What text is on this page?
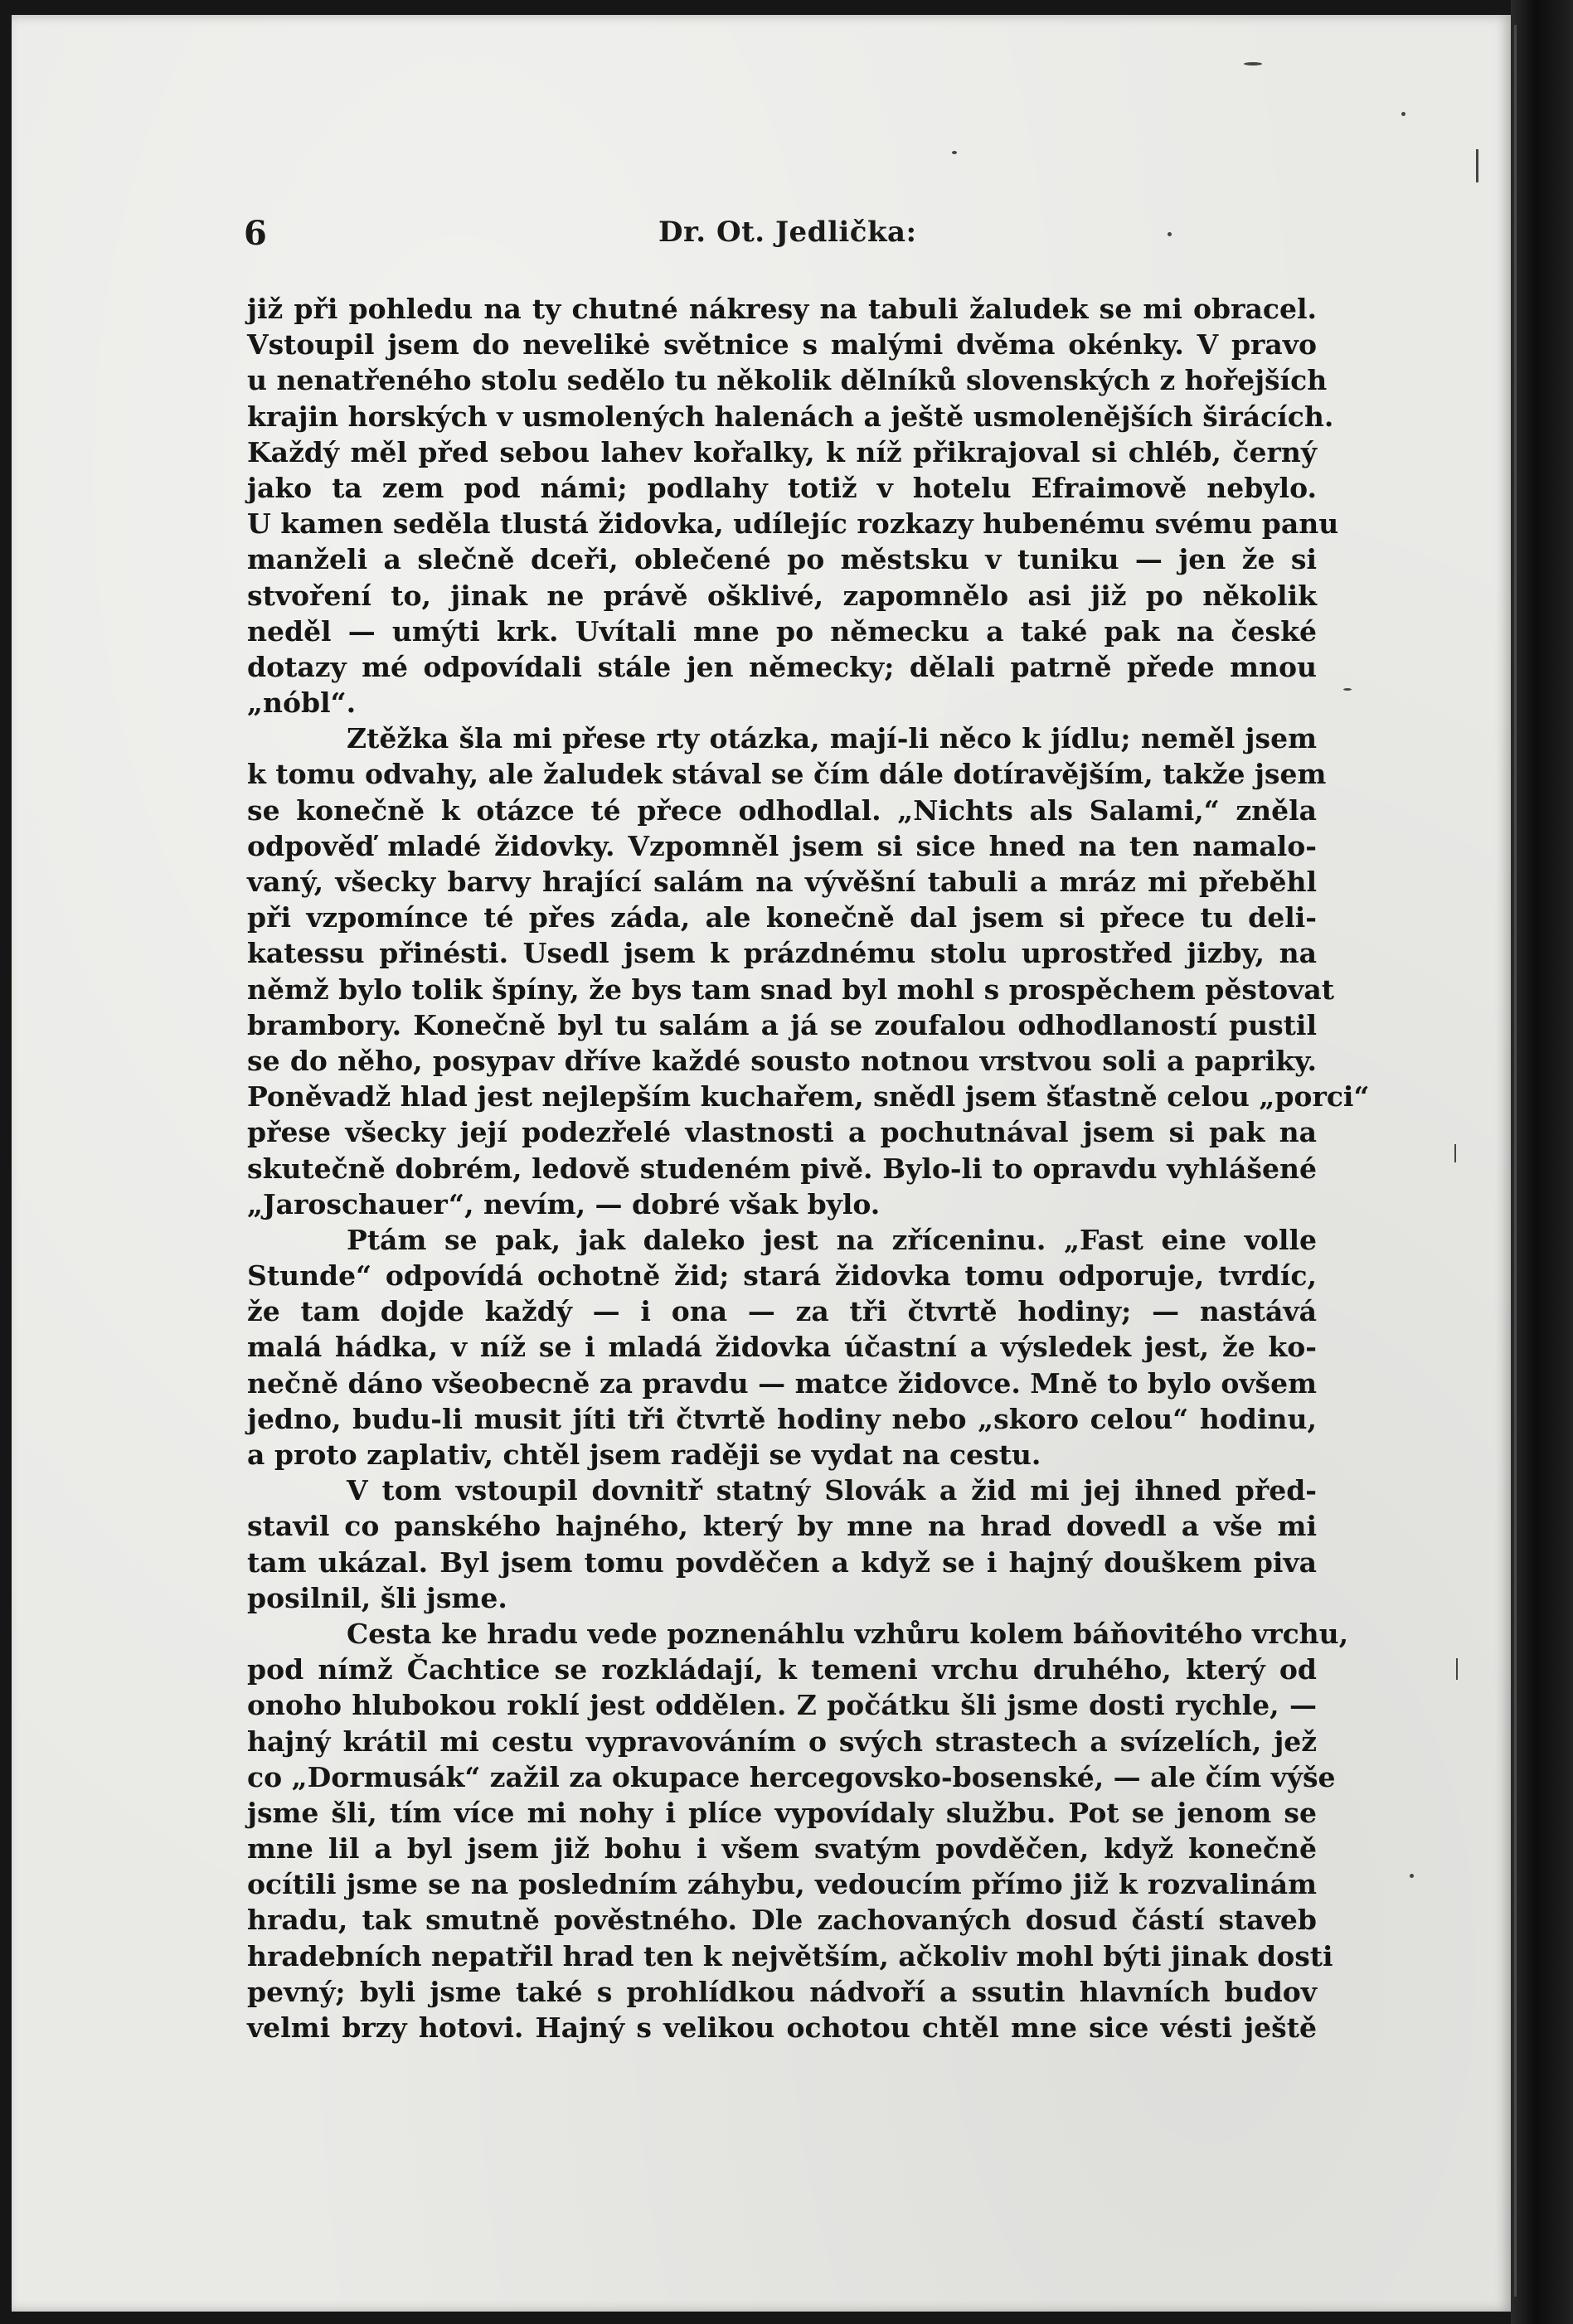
6	Dr. Ot. Jedlička:
již při pohledu na ty chutné nákresy na tabuli žaludek se mi obracel.
Vstoupil jsem do nevelikė světnice s malými dvěma okénky. V pravo
u nenatřeného stolu sedělo tu několik dělníků slovenských z hořejších
krajin horských v usmolených halenách a ještě usmolenějších širácích.
Každý měl před sebou lahev kořalky, k níž přikrajoval si chléb, černý
jako ta zem pod námi; podlahy totiž v hotelu Efraimově nebylo.
U kamen seděla tlustá židovka, udílejíc rozkazy hubenému svému panu
manželi a slečně dceři, oblečené po městsku v tuniku — jen že si
stvoření to, jinak ne právě ošklivé, zapomnělo asi již po několik
neděl — umýti krk. Uvítali mne po německu a také pak na české
dotazy mé odpovídali stále jen německy; dělali patrně přede mnou
„nóbl“.
Ztěžka šla mi přese rty otázka, mají-li něco k jídlu; neměl jsem
k tomu odvahy, ale žaludek stával se čím dále dotíravějším, takže jsem
se konečně k otázce té přece odhodlal. „Nichts als Salami,“ zněla
odpověď mladé židovky. Vzpomněl jsem si sice hned na ten namalo-
vaný, všecky barvy hrající salám na vývěšní tabuli a mráz mi přeběhl
při vzpomínce té přes záda, ale konečně dal jsem si přece tu deli-
katessu přinésti. Usedl jsem k prázdnému stolu uprostřed jizby, na
němž bylo tolik špíny, že bys tam snad byl mohl s prospěchem pěstovat
brambory. Konečně byl tu salám a já se zoufalou odhodlaností pustil
se do něho, posypav dříve každé sousto notnou vrstvou soli a papriky.
Poněvadž hlad jest nejlepším kuchařem, snědl jsem šťastně celou „porci“
přese všecky její podezřelé vlastnosti a pochutnával jsem si pak na
skutečně dobrém, ledově studeném pivě. Bylo-li to opravdu vyhlášené
„Jaroschauer“, nevím, — dobré však bylo.
Ptám se pak, jak daleko jest na zříceninu. „Fast eine volle
Stunde“ odpovídá ochotně žid; stará židovka tomu odporuje, tvrdíc,
že tam dojde každý — i ona — za tři čtvrtě hodiny; — nastává
malá hádka, v níž se i mladá židovka účastní a výsledek jest, že ko-
nečně dáno všeobecně za pravdu — matce židovce. Mně to bylo ovšem
jedno, budu-li musit jíti tři čtvrtě hodiny nebo „skoro celou“ hodinu,
a proto zaplativ, chtěl jsem raději se vydat na cestu.
V tom vstoupil dovnitř statný Slovák a žid mi jej ihned před-
stavil co panského hajného, který by mne na hrad dovedl a vše mi
tam ukázal. Byl jsem tomu povděčen a když se i hajný douškem piva
posilnil, šli jsme.
Cesta ke hradu vede poznenáhlu vzhůru kolem báňovitého vrchu,
pod nímž Čachtice se rozkládají, k temeni vrchu druhého, který od
onoho hlubokou roklí jest oddělen. Z počátku šli jsme dosti rychle, —
hajný krátil mi cestu vypravováním o svých strastech a svízelích, jež
co „Dormusák“ zažil za okupace hercegovsko-bosenské, — ale čím výše
jsme šli, tím více mi nohy i plíce vypovídaly službu. Pot se jenom se
mne lil a byl jsem již bohu i všem svatým povděčen, když konečně
ocítili jsme se na posledním záhybu, vedoucím přímo již k rozvalinám
hradu, tak smutně pověstného. Dle zachovaných dosud částí staveb
hradebních nepatřil hrad ten k největším, ačkoliv mohl býti jinak dosti
pevný; byli jsme také s prohlídkou nádvoří a ssutin hlavních budov
velmi brzy hotovi. Hajný s velikou ochotou chtěl mne sice vésti ještě
